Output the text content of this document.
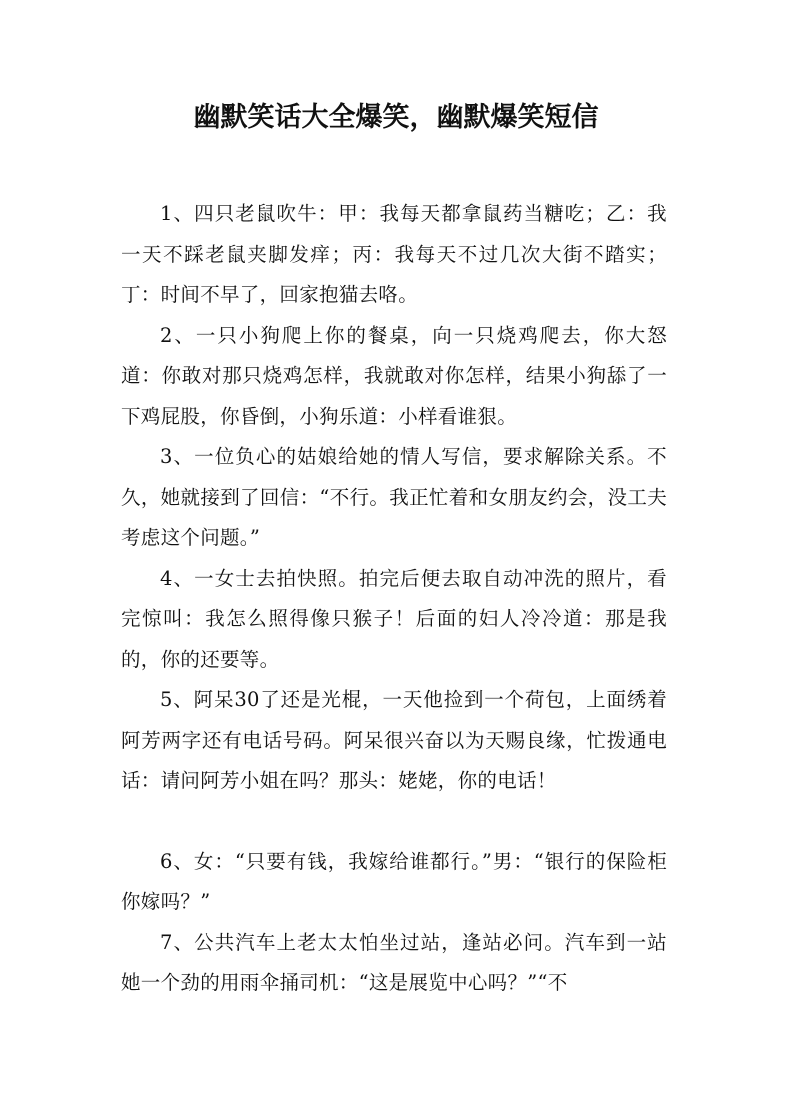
幽默笑话大全爆笑，幽默爆笑短信

1、四只老鼠吹牛：甲：我每天都拿鼠药当糖吃；乙：我一天不踩老鼠夹脚发痒；丙：我每天不过几次大街不踏实；丁：时间不早了，回家抱猫去咯。

2、一只小狗爬上你的餐桌，向一只烧鸡爬去，你大怒道：你敢对那只烧鸡怎样，我就敢对你怎样，结果小狗舔了一下鸡屁股，你昏倒，小狗乐道：小样看谁狠。

3、一位负心的姑娘给她的情人写信，要求解除关系。不久，她就接到了回信：“不行。我正忙着和女朋友约会，没工夫考虑这个问题。”

4、一女士去拍快照。拍完后便去取自动冲洗的照片，看完惊叫：我怎么照得像只猴子！后面的妇人冷冷道：那是我的，你的还要等。

5、阿呆30了还是光棍，一天他捡到一个荷包，上面绣着阿芳两字还有电话号码。阿呆很兴奋以为天赐良缘，忙拨通电话：请问阿芳小姐在吗？那头：姥姥，你的电话！

6、女：“只要有钱，我嫁给谁都行。”男：“银行的保险柜你嫁吗？”

7、公共汽车上老太太怕坐过站，逢站必问。汽车到一站她一个劲的用雨伞捅司机：“这是展览中心吗？”“不
